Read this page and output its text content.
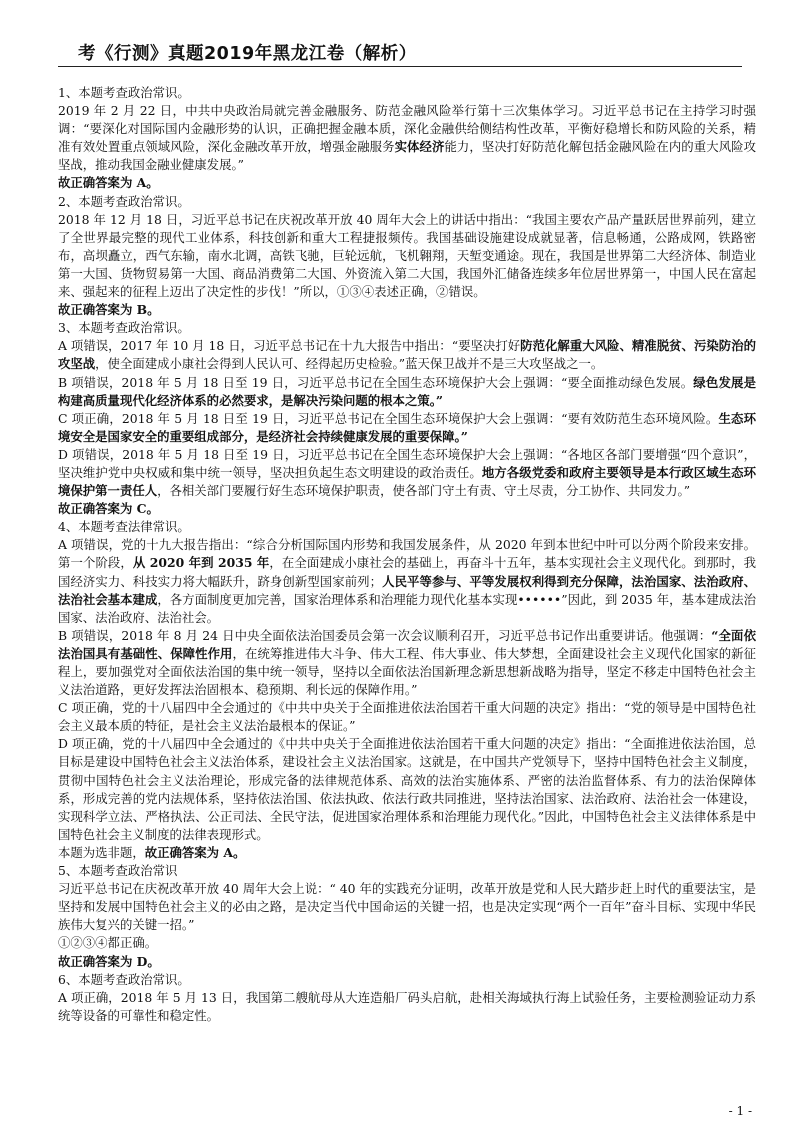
考《行测》真题2019年黑龙江卷（解析）

1、本题考查政治常识。

2019 年 2 月 22 日，中共中央政治局就完善金融服务、防范金融风险举行第十三次集体学习。习近平总书记在主持学习时强调：“要深化对国际国内金融形势的认识，正确把握金融本质，深化金融供给侧结构性改革，平衡好稳增长和防风险的关系，精准有效处置重点领域风险，深化金融改革开放，增强金融服务实体经济能力，坚决打好防范化解包括金融风险在内的重大风险攻坚战，推动我国金融业健康发展。”

故正确答案为 A。

2、本题考查政治常识。

2018 年 12 月 18 日，习近平总书记在庆祝改革开放 40 周年大会上的讲话中指出：“我国主要农产品产量跃居世界前列，建立了全世界最完整的现代工业体系，科技创新和重大工程捷报频传。我国基础设施建设成就显著，信息畅通，公路成网，铁路密布，高坝矗立，西气东输，南水北调，高铁飞驰，巨轮远航，飞机翱翔，天堑变通途。现在，我国是世界第二大经济体、制造业第一大国、货物贸易第一大国、商品消费第二大国、外资流入第二大国，我国外汇储备连续多年位居世界第一，中国人民在富起来、强起来的征程上迈出了决定性的步伐！”所以，①③④表述正确，②错误。

故正确答案为 B。

3、本题考查政治常识。

A 项错误，2017 年 10 月 18 日，习近平总书记在十九大报告中指出：“要坚决打好防范化解重大风险、精准脱贫、污染防治的攻坚战，使全面建成小康社会得到人民认可、经得起历史检验。”蓝天保卫战并不是三大攻坚战之一。

B 项错误，2018 年 5 月 18 日至 19 日，习近平总书记在全国生态环境保护大会上强调：“要全面推动绿色发展。绿色发展是构建高质量现代化经济体系的必然要求，是解决污染问题的根本之策。”

C 项正确，2018 年 5 月 18 日至 19 日，习近平总书记在全国生态环境保护大会上强调：“要有效防范生态环境风险。生态环境安全是国家安全的重要组成部分，是经济社会持续健康发展的重要保障。”

D 项错误，2018 年 5 月 18 日至 19 日，习近平总书记在全国生态环境保护大会上强调：“各地区各部门要增强“四个意识”，坚决维护党中央权威和集中统一领导，坚决担负起生态文明建设的政治责任。地方各级党委和政府主要领导是本行政区域生态环境保护第一责任人，各相关部门要履行好生态环境保护职责，使各部门守土有责、守土尽责，分工协作、共同发力。”

故正确答案为 C。

4、本题考查法律常识。

A 项错误，党的十九大报告指出：“综合分析国际国内形势和我国发展条件，从 2020 年到本世纪中叶可以分两个阶段来安排。第一个阶段，从 2020 年到 2035 年，在全面建成小康社会的基础上，再奋斗十五年，基本实现社会主义现代化。到那时，我国经济实力、科技实力将大幅跃升，跻身创新型国家前列；人民平等参与、平等发展权利得到充分保障，法治国家、法治政府、法治社会基本建成，各方面制度更加完善，国家治理体系和治理能力现代化基本实现••••••”因此，到 2035 年，基本建成法治国家、法治政府、法治社会。

B 项错误，2018 年 8 月 24 日中央全面依法治国委员会第一次会议顺利召开，习近平总书记作出重要讲话。他强调：“全面依法治国具有基础性、保障性作用，在统筹推进伟大斗争、伟大工程、伟大事业、伟大梦想，全面建设社会主义现代化国家的新征程上，要加强党对全面依法治国的集中统一领导，坚持以全面依法治国新理念新思想新战略为指导，坚定不移走中国特色社会主义法治道路，更好发挥法治固根本、稳预期、利长远的保障作用。”

C 项正确，党的十八届四中全会通过的《中共中央关于全面推进依法治国若干重大问题的决定》指出：“党的领导是中国特色社会主义最本质的特征，是社会主义法治最根本的保证。”

D 项正确，党的十八届四中全会通过的《中共中央关于全面推进依法治国若干重大问题的决定》指出：“全面推进依法治国，总目标是建设中国特色社会主义法治体系，建设社会主义法治国家。这就是，在中国共产党领导下，坚持中国特色社会主义制度，贯彻中国特色社会主义法治理论，形成完备的法律规范体系、高效的法治实施体系、严密的法治监督体系、有力的法治保障体系，形成完善的党内法规体系，坚持依法治国、依法执政、依法行政共同推进，坚持法治国家、法治政府、法治社会一体建设，实现科学立法、严格执法、公正司法、全民守法，促进国家治理体系和治理能力现代化。”因此，中国特色社会主义法律体系是中国特色社会主义制度的法律表现形式。

本题为选非题，故正确答案为 A。

5、本题考查政治常识

习近平总书记在庆祝改革开放 40 周年大会上说：“ 40 年的实践充分证明，改革开放是党和人民大踏步赶上时代的重要法宝，是坚持和发展中国特色社会主义的必由之路，是决定当代中国命运的关键一招，也是决定实现“两个一百年”奋斗目标、实现中华民族伟大复兴的关键一招。”

①②③④都正确。

故正确答案为 D。

6、本题考查政治常识。

A 项正确，2018 年 5 月 13 日，我国第二艘航母从大连造船厂码头启航，赴相关海域执行海上试验任务，主要检测验证动力系统等设备的可靠性和稳定性。

- 1 -
